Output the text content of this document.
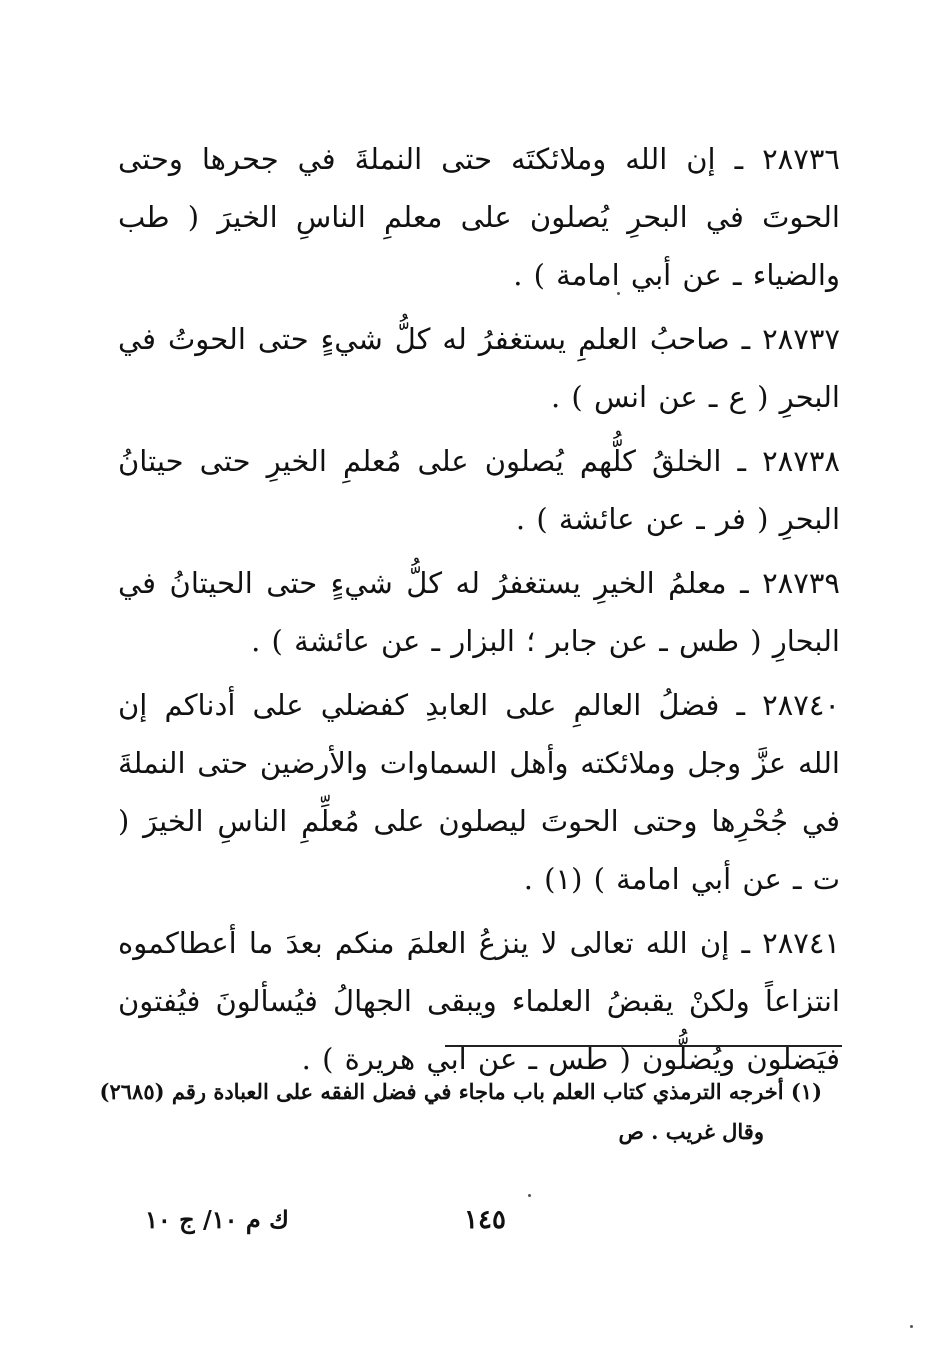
٢٨٧٣٦ ـ إن الله وملائكتَه حتى النملةَ في جحرها وحتى الحوتَ في البحرِ يُصلون على معلمِ الناسِ الخيرَ ( طب والضياء ـ عن أبي امامة ) .

٢٨٧٣٧ ـ صاحبُ العلمِ يستغفرُ له كلُّ شيءٍ حتى الحوتُ في البحرِ ( ع ـ عن انس ) .

٢٨٧٣٨ ـ الخلقُ كلُّهم يُصلون على مُعلمِ الخيرِ حتى حيتانُ البحرِ ( فر ـ عن عائشة ) .

٢٨٧٣٩ ـ معلمُ الخيرِ يستغفرُ له كلُّ شيءٍ حتى الحيتانُ في البحارِ ( طس ـ عن جابر ؛ البزار ـ عن عائشة ) .

٢٨٧٤٠ ـ فضلُ العالمِ على العابدِ كفضلي على أدناكم إن الله عزَّ وجل وملائكته وأهل السماوات والأرضين حتى النملةَ في جُحْرِها وحتى الحوتَ ليصلون على مُعلِّمِ الناسِ الخيرَ ( ت ـ عن أبي امامة ) (١) .

٢٨٧٤١ ـ إن الله تعالى لا ينزعُ العلمَ منكم بعدَ ما أعطاكموه انتزاعاً ولكنْ يقبضُ العلماء ويبقى الجهالُ فيُسألونَ فيُفتون فيَضلون ويُضلُّون ( طس ـ عن ابي هريرة ) .

(١) أخرجه الترمذي كتاب العلم باب ماجاء في فضل الفقه على العبادة رقم (٢٦٨٥)
وقال غريب . ص
١٤٥
ك م ١٠/ ج ١٠
